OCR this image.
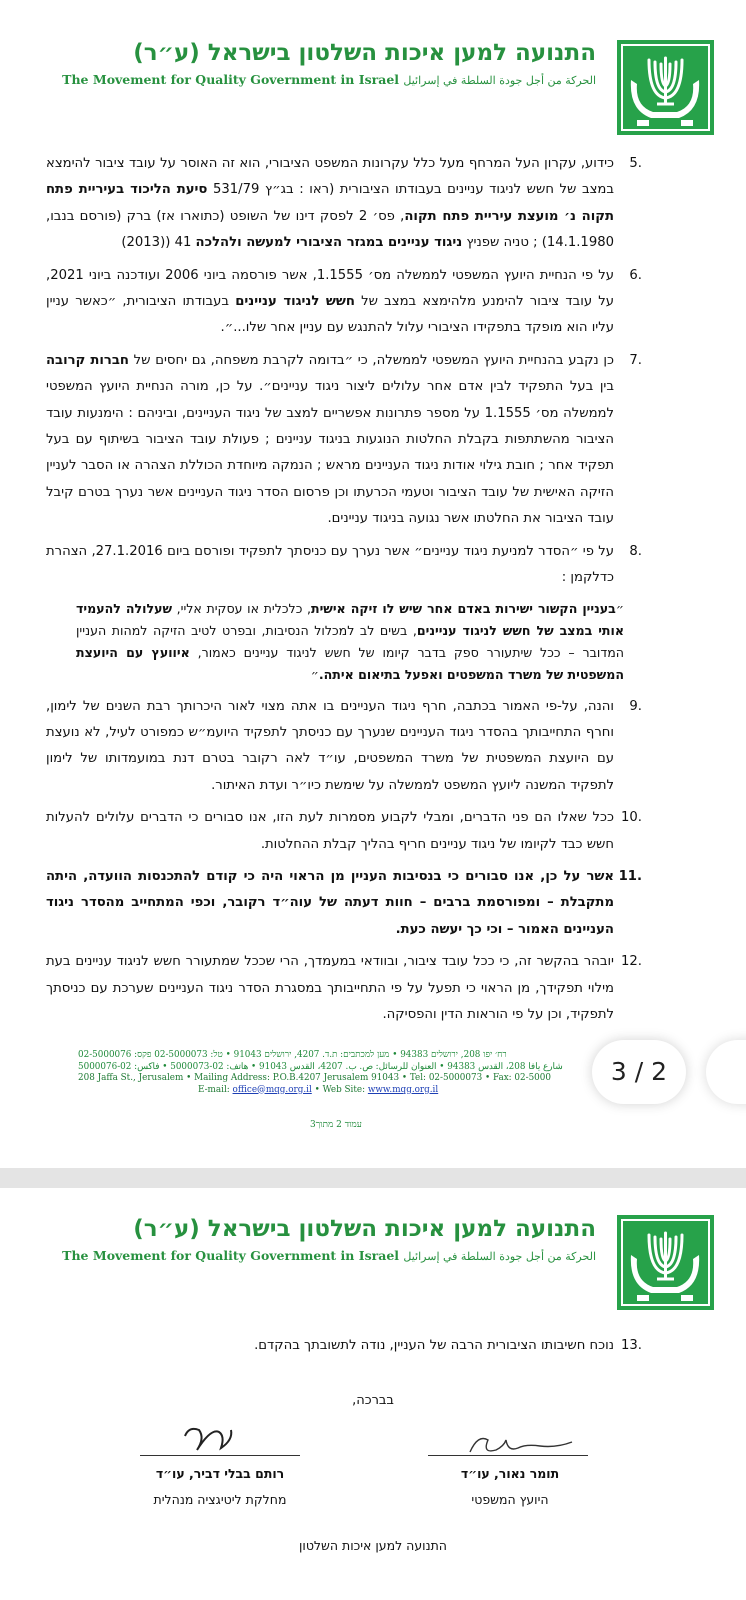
התנועה למען איכות השלטון בישראל (ע״ר)
The Movement for Quality Government in Israel الحركة من أجل جودة السلطة في إسرائيل
.5
כידוע, עקרון העל המרחף מעל כלל עקרונות המשפט הציבורי, הוא זה האוסר על עובד ציבור להימצא במצב של חשש לניגוד עניינים בעבודתו הציבורית (ראו : בג״ץ 531/79 סיעת הליכוד בעיריית פתח תקוה נ׳ מועצת עיריית פתח תקוה, פס׳ 2 לפסק דינו של השופט (כתוארו אז) ברק (פורסם בנבו, 14.1.1980) ; טניה שפניץ ניגוד עניינים במגזר הציבורי למעשה ולהלכה 41 ((2013)
.6
על פי הנחיית היועץ המשפטי לממשלה מס׳ 1.1555, אשר פורסמה ביוני 2006 ועודכנה ביוני 2021, על עובד ציבור להימנע מלהימצא במצב של חשש לניגוד עניינים בעבודתו הציבורית, ״כאשר עניין עליו הוא מופקד בתפקידו הציבורי עלול להתנגש עם עניין אחר שלו...״.
.7
כן נקבע בהנחיית היועץ המשפטי לממשלה, כי ״בדומה לקרבת משפחה, גם יחסים של חברות קרובה בין בעל התפקיד לבין אדם אחר עלולים ליצור ניגוד עניינים״. על כן, מורה הנחיית היועץ המשפטי לממשלה מס׳ 1.1555 על מספר פתרונות אפשריים למצב של ניגוד העניינים, וביניהם : הימנעות עובד הציבור מהשתתפות בקבלת החלטות הנוגעות בניגוד עניינים ; פעולת עובד הציבור בשיתוף עם בעל תפקיד אחר ; חובת גילוי אודות ניגוד העניינים מראש ; הנמקה מיוחדת הכוללת הצהרה או הסבר לעניין הזיקה האישית של עובד הציבור וטעמי הכרעתו וכן פרסום הסדר ניגוד העניינים אשר נערך בטרם קיבל עובד הציבור את החלטתו אשר נגועה בניגוד עניינים.
.8
על פי ״הסדר למניעת ניגוד עניינים״ אשר נערך עם כניסתך לתפקיד ופורסם ביום 27.1.2016, הצהרת כדלקמן :
״בעניין הקשור ישירות באדם אחר שיש לו זיקה אישית, כלכלית או עסקית אליי, שעלולה להעמיד אותי במצב של חשש לניגוד עניינים, בשים לב למכלול הנסיבות, ובפרט לטיב הזיקה למהות העניין המדובר – ככל שיתעורר ספק בדבר קיומו של חשש לניגוד עניינים כאמור, איוועץ עם היועצת המשפטית של משרד המשפטים ואפעל בתיאום איתה.״
.9
והנה, על-פי האמור בכתבה, חרף ניגוד העניינים בו אתה מצוי לאור היכרותך רבת השנים של לימון, וחרף התחייבותך בהסדר ניגוד העניינים שנערך עם כניסתך לתפקיד היועמ״ש כמפורט לעיל, לא נועצת עם היועצת המשפטית של משרד המשפטים, עו״ד לאה רקובר בטרם דנת במועמדותו של לימון לתפקיד המשנה ליועץ המשפט לממשלה על שימשת כיו״ר ועדת האיתור.
.10
ככל שאלו הם פני הדברים, ומבלי לקבוע מסמרות לעת הזו, אנו סבורים כי הדברים עלולים להעלות חשש כבד לקיומו של ניגוד עניינים חריף בהליך קבלת ההחלטות.
.11
אשר על כן, אנו סבורים כי בנסיבות העניין מן הראוי היה כי קודם להתכנסות הוועדה, היתה מתקבלת – ומפורסמת ברבים – חוות דעתה של עוה״ד רקובר, וכפי המתחייב מהסדר ניגוד העניינים האמור – וכי כך יעשה כעת.
.12
יובהר בהקשר זה, כי ככל עובד ציבור, ובוודאי במעמדך, הרי שככל שמתעורר חשש לניגוד עניינים בעת מילוי תפקידך, מן הראוי כי תפעל על פי התחייבותך במסגרת הסדר ניגוד העניינים שערכת עם כניסתך לתפקיד, וכן על פי הוראות הדין והפסיקה.
רח׳ יפו 208, ירושלים 94383 • מען למכתבים: ת.ד. 4207, ירושלים 91043 • טל: 02-5000073 פקס: 02-5000076
شارع يافا 208، القدس 94383 • العنوان للرسائل: ص. ب. 4207، القدس 91043 • هاتف: 02-5000073 • فاكس: 02-5000076
208 Jaffa St., Jerusalem • Mailing Address: P.O.B.4207 Jerusalem 91043 • Tel: 02-5000073 • Fax: 02-5000
E-mail: office@mqg.org.il • Web Site: www.mqg.org.il
עמוד 2 מתוך3
3 / 2
התנועה למען איכות השלטון בישראל (ע״ר)
The Movement for Quality Government in Israel الحركة من أجل جودة السلطة في إسرائيل
.13
נוכח חשיבותו הציבורית הרבה של העניין, נודה לתשובתך בהקדם.
בברכה,
תומר נאור, עו״ד
היועץ המשפטי
רותם בבלי דביר, עו״ד
מחלקת ליטיגציה מנהלית
התנועה למען איכות השלטון
